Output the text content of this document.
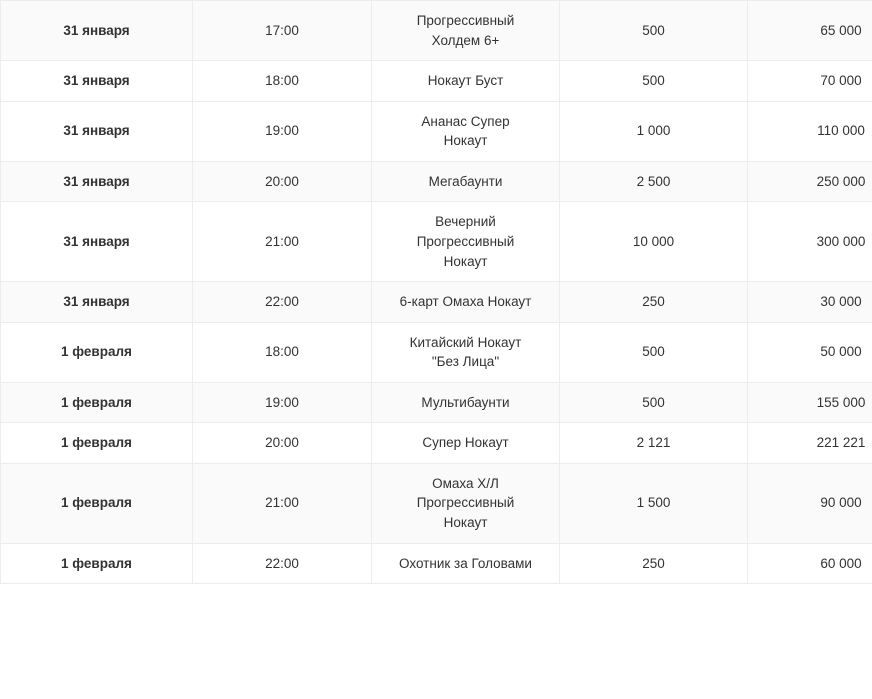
31 января	17:00	Прогрессивный
Холдем 6+	500	65 000
31 января	18:00	Нокаут Буст	500	70 000
31 января	19:00	Ананас Супер
Нокаут	1 000	110 000
31 января	20:00	Мегабаунти	2 500	250 000
31 января	21:00	Вечерний
Прогрессивный
Нокаут	10 000	300 000
31 января	22:00	6-карт Омаха Нокаут	250	30 000
1 февраля	18:00	Китайский Нокаут
"Без Лица"	500	50 000
1 февраля	19:00	Мультибаунти	500	155 000
1 февраля	20:00	Супер Нокаут	2 121	221 221
1 февраля	21:00	Омаха Х/Л
Прогрессивный
Нокаут	1 500	90 000
1 февраля	22:00	Охотник за Головами	250	60 000
